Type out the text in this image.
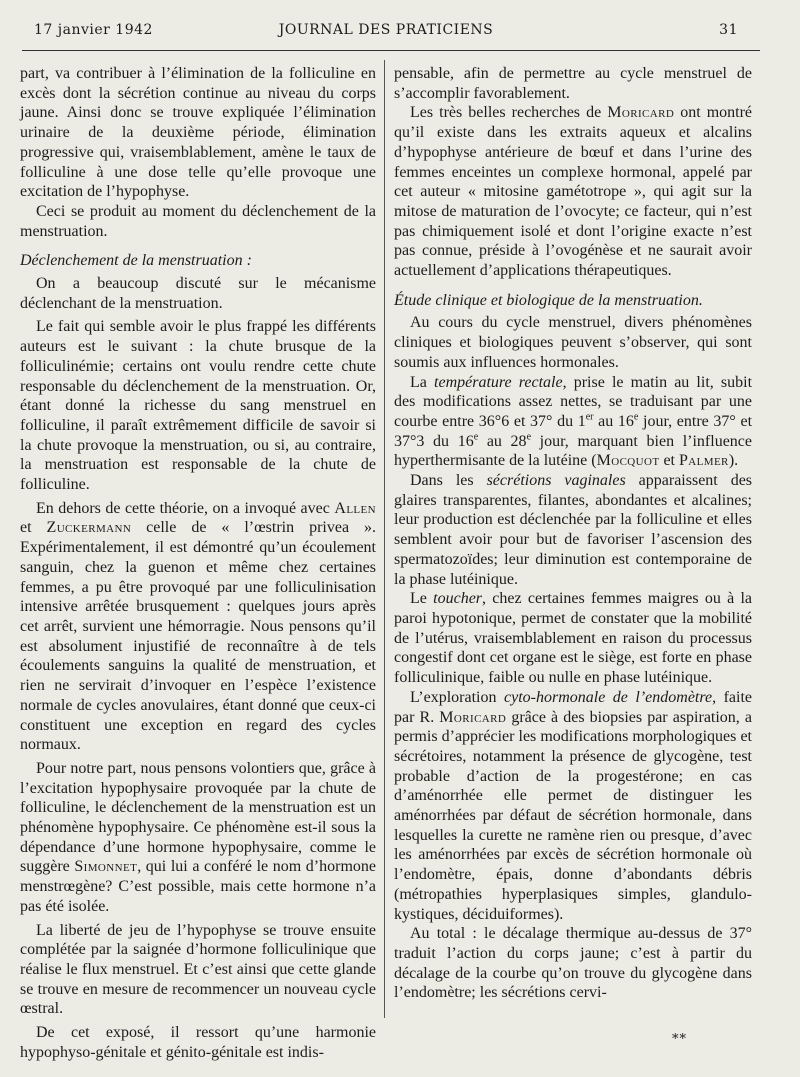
17 janvier 1942	JOURNAL DES PRATICIENS	31

part, va contribuer à l’élimination de la folliculine en excès dont la sécrétion continue au niveau du corps jaune. Ainsi donc se trouve expliquée l’élimination urinaire de la deuxième période, élimination progressive qui, vraisemblablement, amène le taux de folliculine à une dose telle qu’elle provoque une excitation de l’hypophyse.

Ceci se produit au moment du déclenchement de la menstruation.

Déclenchement de la menstruation :

On a beaucoup discuté sur le mécanisme déclenchant de la menstruation.

Le fait qui semble avoir le plus frappé les différents auteurs est le suivant : la chute brusque de la folliculinémie; certains ont voulu rendre cette chute responsable du déclenchement de la menstruation. Or, étant donné la richesse du sang menstruel en folliculine, il paraît extrêmement difficile de savoir si la chute provoque la menstruation, ou si, au contraire, la menstruation est responsable de la chute de folliculine.

En dehors de cette théorie, on a invoqué avec Allen et Zuckermann celle de « l’œstrin privea ». Expérimentalement, il est démontré qu’un écoulement sanguin, chez la guenon et même chez certaines femmes, a pu être provoqué par une folliculinisation intensive arrêtée brusquement : quelques jours après cet arrêt, survient une hémorragie. Nous pensons qu’il est absolument injustifié de reconnaître à de tels écoulements sanguins la qualité de menstruation, et rien ne servirait d’invoquer en l’espèce l’existence normale de cycles anovulaires, étant donné que ceux-ci constituent une exception en regard des cycles normaux.

Pour notre part, nous pensons volontiers que, grâce à l’excitation hypophysaire provoquée par la chute de folliculine, le déclenchement de la menstruation est un phénomène hypophysaire. Ce phénomène est-il sous la dépendance d’une hormone hypophysaire, comme le suggère Simonnet, qui lui a conféré le nom d’hormone menstrœgène? C’est possible, mais cette hormone n’a pas été isolée.

La liberté de jeu de l’hypophyse se trouve ensuite complétée par la saignée d’hormone folliculinique que réalise le flux menstruel. Et c’est ainsi que cette glande se trouve en mesure de recommencer un nouveau cycle œstral.

De cet exposé, il ressort qu’une harmonie hypophyso-génitale et génito-génitale est indis-

pensable, afin de permettre au cycle menstruel de s’accomplir favorablement.

Les très belles recherches de Moricard ont montré qu’il existe dans les extraits aqueux et alcalins d’hypophyse antérieure de bœuf et dans l’urine des femmes enceintes un complexe hormonal, appelé par cet auteur « mitosine gamétotrope », qui agit sur la mitose de maturation de l’ovocyte; ce facteur, qui n’est pas chimiquement isolé et dont l’origine exacte n’est pas connue, préside à l’ovogénèse et ne saurait avoir actuellement d’applications thérapeutiques.

Étude clinique et biologique de la menstruation.

Au cours du cycle menstruel, divers phénomènes cliniques et biologiques peuvent s’observer, qui sont soumis aux influences hormonales.

La température rectale, prise le matin au lit, subit des modifications assez nettes, se traduisant par une courbe entre 36°6 et 37° du 1er au 16e jour, entre 37° et 37°3 du 16e au 28e jour, marquant bien l’influence hyperthermisante de la lutéine (Mocquot et Palmer).

Dans les sécrétions vaginales apparaissent des glaires transparentes, filantes, abondantes et alcalines; leur production est déclenchée par la folliculine et elles semblent avoir pour but de favoriser l’ascension des spermatozoïdes; leur diminution est contemporaine de la phase lutéinique.

Le toucher, chez certaines femmes maigres ou à la paroi hypotonique, permet de constater que la mobilité de l’utérus, vraisemblablement en raison du processus congestif dont cet organe est le siège, est forte en phase folliculinique, faible ou nulle en phase lutéinique.

L’exploration cyto-hormonale de l’endomètre, faite par R. Moricard grâce à des biopsies par aspiration, a permis d’apprécier les modifications morphologiques et sécrétoires, notamment la présence de glycogène, test probable d’action de la progestérone; en cas d’aménorrhée elle permet de distinguer les aménorrhées par défaut de sécrétion hormonale, dans lesquelles la curette ne ramène rien ou presque, d’avec les aménorrhées par excès de sécrétion hormonale où l’endomètre, épais, donne d’abondants débris (métropathies hyperplasiques simples, glandulo-kystiques, déciduiformes).

Au total : le décalage thermique au-dessus de 37° traduit l’action du corps jaune; c’est à partir du décalage de la courbe qu’on trouve du glycogène dans l’endomètre; les sécrétions cervi-

**
